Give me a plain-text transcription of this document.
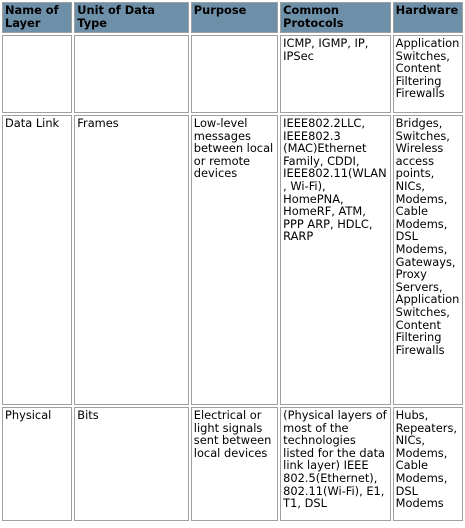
Name of Layer	Unit of Data Type	Purpose	Common Protocols	Hardware
			ICMP, IGMP, IP, IPSec	Application Switches, Content Filtering Firewalls
Data Link	Frames	Low-level messages between local or remote devices	IEEE802.2LLC, IEEE802.3 (MAC)Ethernet Family, CDDI, IEEE802.11(WLAN, Wi-Fi), HomePNA, HomeRF, ATM, PPP ARP, HDLC, RARP	Bridges, Switches, Wireless access points, NICs, Modems, Cable Modems, DSL Modems, Gateways, Proxy Servers, Application Switches, Content Filtering Firewalls
Physical	Bits	Electrical or light signals sent between local devices	(Physical layers of most of the technologies listed for the data link layer) IEEE 802.5(Ethernet), 802.11(Wi-Fi), E1, T1, DSL	Hubs, Repeaters, NICs, Modems, Cable Modems, DSL Modems
